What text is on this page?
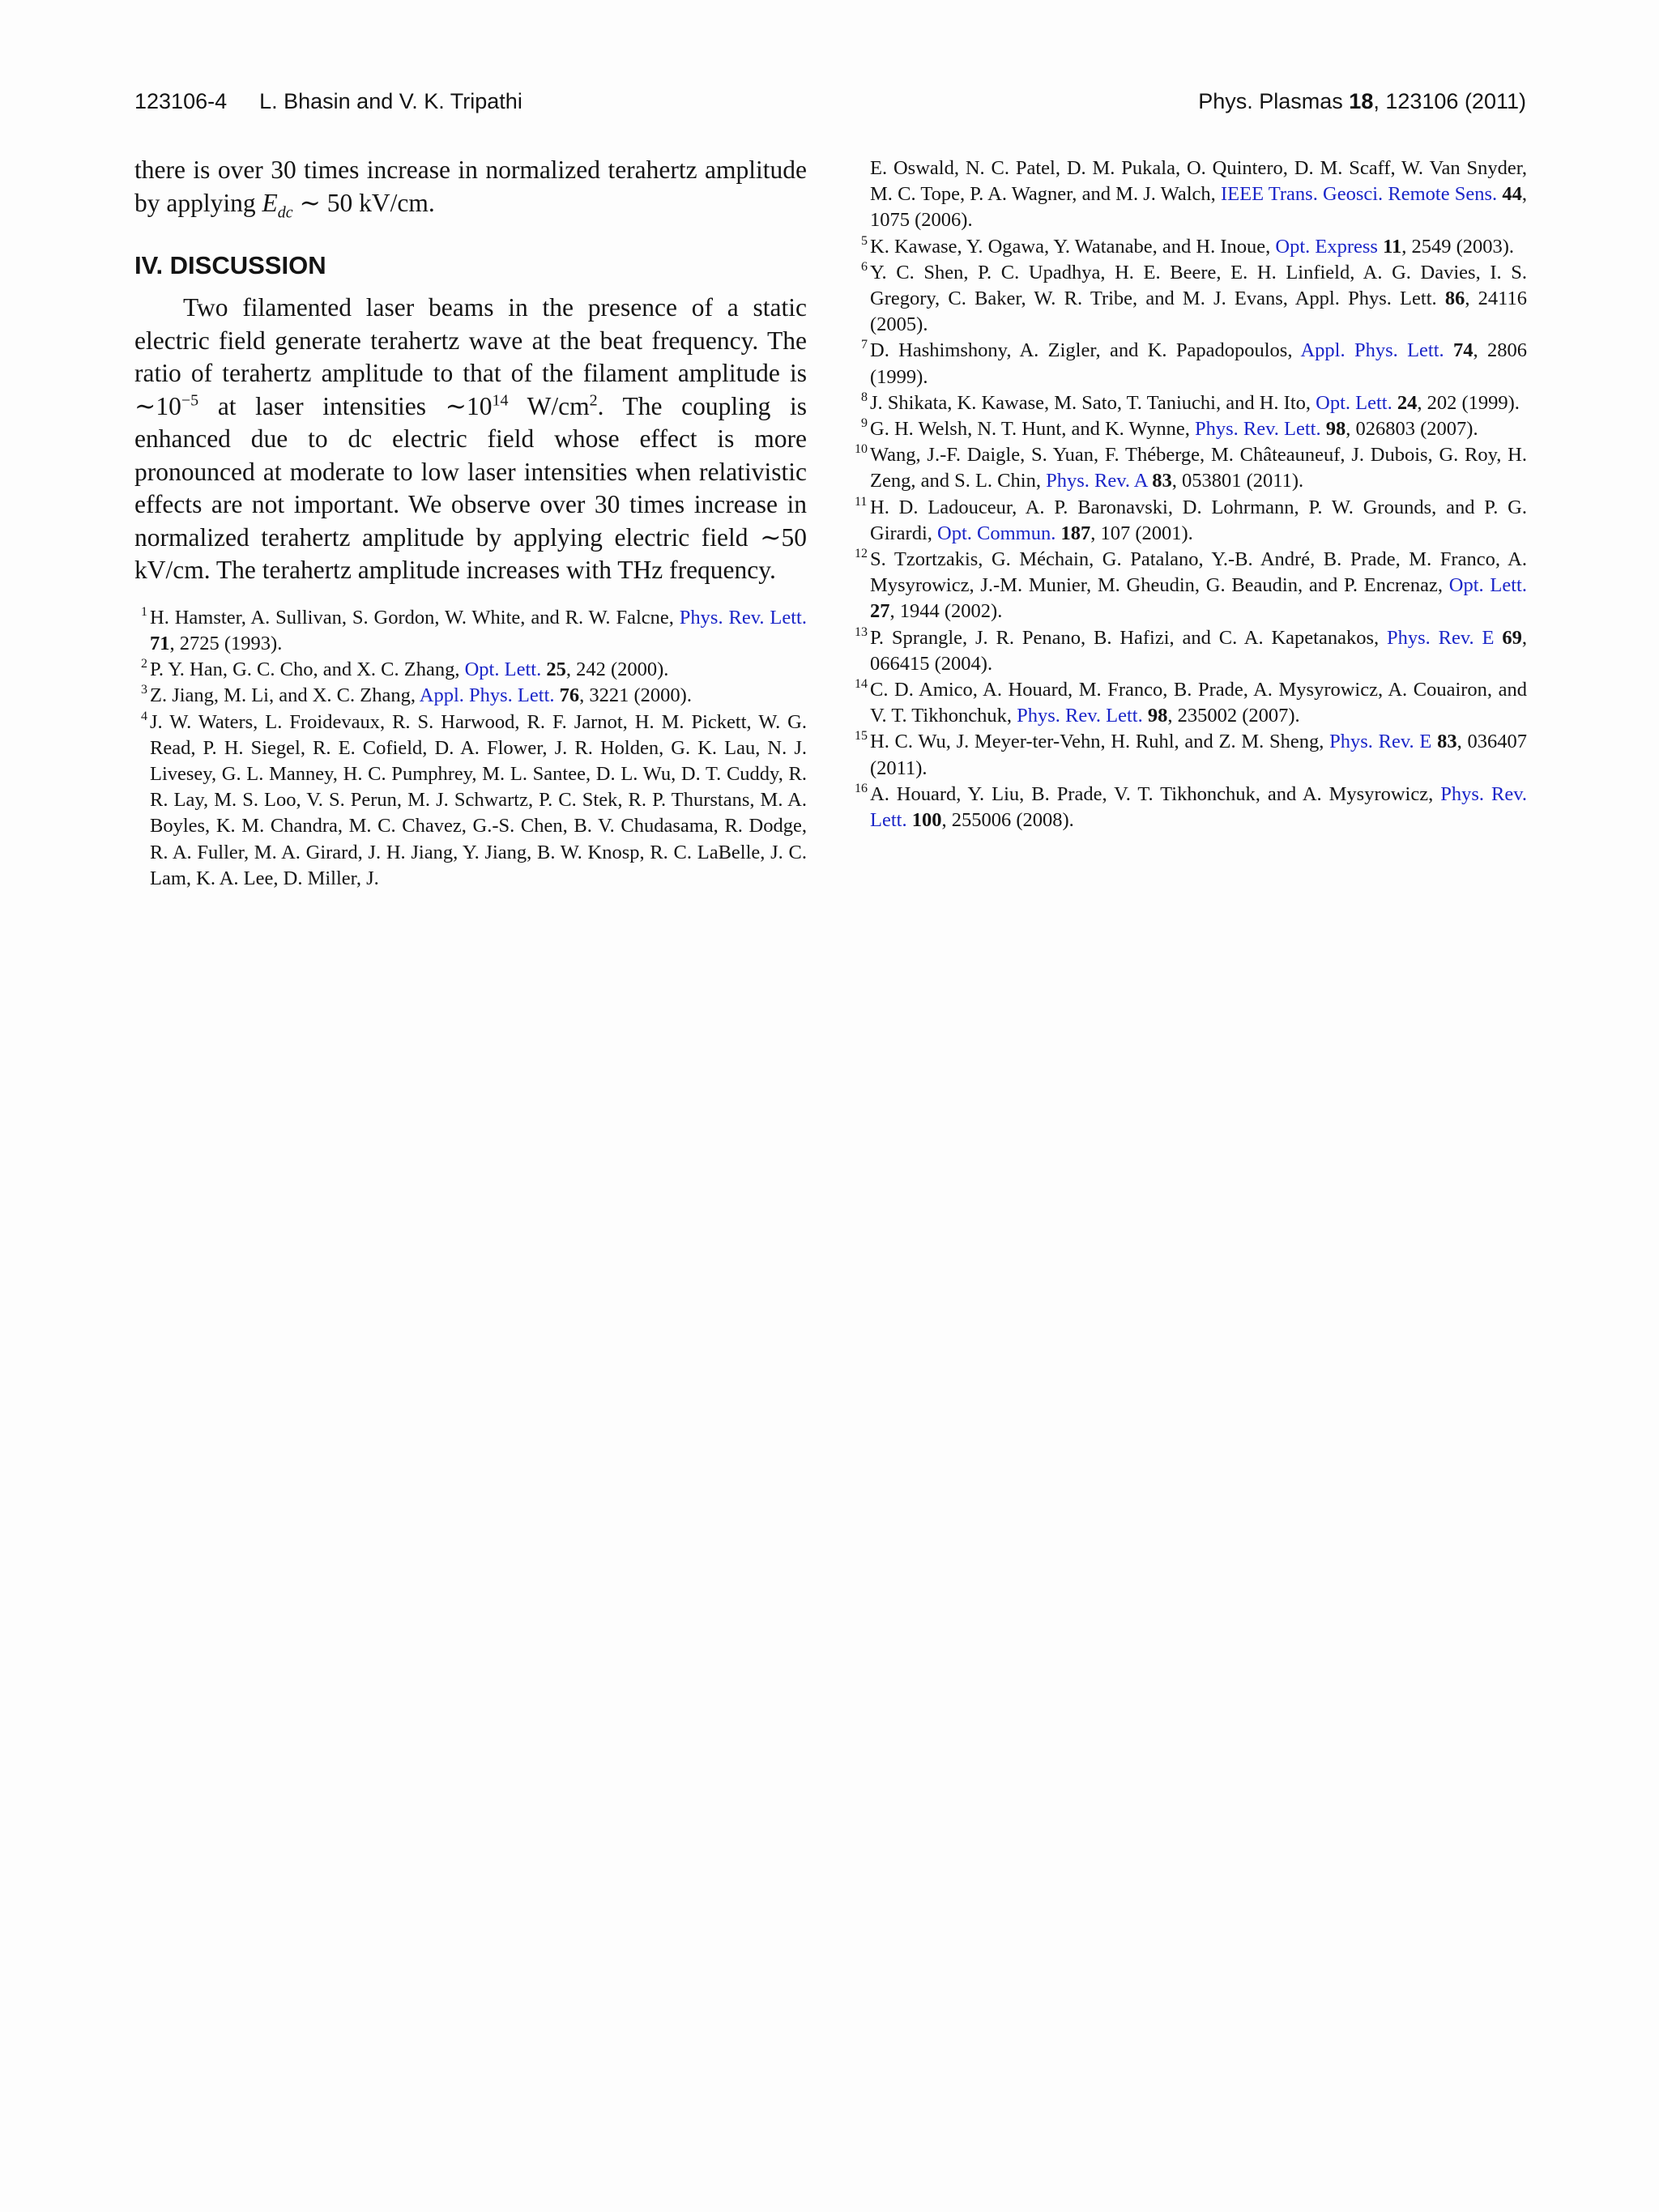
123106-4 L. Bhasin and V. K. Tripathi	Phys. Plasmas 18, 123106 (2011)

there is over 30 times increase in normalized terahertz amplitude by applying $E_{dc}$ ∼ 50 kV/cm.

IV. DISCUSSION

Two filamented laser beams in the presence of a static electric field generate terahertz wave at the beat frequency. The ratio of terahertz amplitude to that of the filament amplitude is $\sim 10^{-5}$ at laser intensities $\sim 10^{14}$ $W/cm^2$. The coupling is enhanced due to dc electric field whose effect is more pronounced at moderate to low laser intensities when relativistic effects are not important. We observe over 30 times increase in normalized terahertz amplitude by applying electric field ∼50 kV/cm. The terahertz amplitude increases with THz frequency.

1 H. Hamster, A. Sullivan, S. Gordon, W. White, and R. W. Falcne, Phys. Rev. Lett. 71, 2725 (1993).
2 P. Y. Han, G. C. Cho, and X. C. Zhang, Opt. Lett. 25, 242 (2000).
3 Z. Jiang, M. Li, and X. C. Zhang, Appl. Phys. Lett. 76, 3221 (2000).
4 J. W. Waters, L. Froidevaux, R. S. Harwood, R. F. Jarnot, H. M. Pickett, W. G. Read, P. H. Siegel, R. E. Cofield, D. A. Flower, J. R. Holden, G. K. Lau, N. J. Livesey, G. L. Manney, H. C. Pumphrey, M. L. Santee, D. L. Wu, D. T. Cuddy, R. R. Lay, M. S. Loo, V. S. Perun, M. J. Schwartz, P. C. Stek, R. P. Thurstans, M. A. Boyles, K. M. Chandra, M. C. Chavez, G.-S. Chen, B. V. Chudasama, R. Dodge, R. A. Fuller, M. A. Girard, J. H. Jiang, Y. Jiang, B. W. Knosp, R. C. LaBelle, J. C. Lam, K. A. Lee, D. Miller, J.
E. Oswald, N. C. Patel, D. M. Pukala, O. Quintero, D. M. Scaff, W. Van Snyder, M. C. Tope, P. A. Wagner, and M. J. Walch, IEEE Trans. Geosci. Remote Sens. 44, 1075 (2006).
5 K. Kawase, Y. Ogawa, Y. Watanabe, and H. Inoue, Opt. Express 11, 2549 (2003).
6 Y. C. Shen, P. C. Upadhya, H. E. Beere, E. H. Linfield, A. G. Davies, I. S. Gregory, C. Baker, W. R. Tribe, and M. J. Evans, Appl. Phys. Lett. 86, 24116 (2005).
7 D. Hashimshony, A. Zigler, and K. Papadopoulos, Appl. Phys. Lett. 74, 2806 (1999).
8 J. Shikata, K. Kawase, M. Sato, T. Taniuchi, and H. Ito, Opt. Lett. 24, 202 (1999).
9 G. H. Welsh, N. T. Hunt, and K. Wynne, Phys. Rev. Lett. 98, 026803 (2007).
10 Wang, J.-F. Daigle, S. Yuan, F. Théberge, M. Châteauneuf, J. Dubois, G. Roy, H. Zeng, and S. L. Chin, Phys. Rev. A 83, 053801 (2011).
11 H. D. Ladouceur, A. P. Baronavski, D. Lohrmann, P. W. Grounds, and P. G. Girardi, Opt. Commun. 187, 107 (2001).
12 S. Tzortzakis, G. Méchain, G. Patalano, Y.-B. André, B. Prade, M. Franco, A. Mysyrowicz, J.-M. Munier, M. Gheudin, G. Beaudin, and P. Encrenaz, Opt. Lett. 27, 1944 (2002).
13 P. Sprangle, J. R. Penano, B. Hafizi, and C. A. Kapetanakos, Phys. Rev. E 69, 066415 (2004).
14 C. D. Amico, A. Houard, M. Franco, B. Prade, A. Mysyrowicz, A. Couairon, and V. T. Tikhonchuk, Phys. Rev. Lett. 98, 235002 (2007).
15 H. C. Wu, J. Meyer-ter-Vehn, H. Ruhl, and Z. M. Sheng, Phys. Rev. E 83, 036407 (2011).
16 A. Houard, Y. Liu, B. Prade, V. T. Tikhonchuk, and A. Mysyrowicz, Phys. Rev. Lett. 100, 255006 (2008).
